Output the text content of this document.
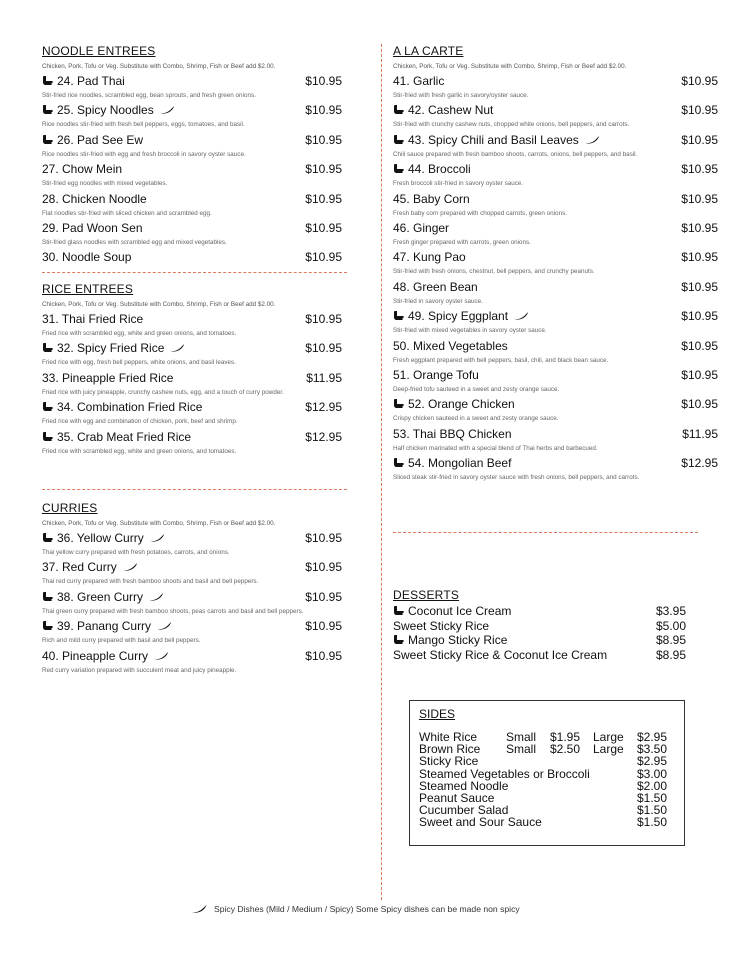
NOODLE ENTREES
Chicken, Pork, Tofu or Veg. Substitute with Combo, Shrimp, Fish or Beef add $2.00.
24. Pad Thai	$10.95
Stir-fried rice noodles, scrambled egg, bean sprouts, and fresh green onions.
25. Spicy Noodles	$10.95
Rice noodles stir-fried with fresh bell peppers, eggs, tomatoes, and basil.
26. Pad See Ew	$10.95
Rice noodles stir-fried with egg and fresh broccoli in savory oyster sauce.
27. Chow Mein	$10.95
Stir-fried egg noodles with mixed vegetables.
28. Chicken Noodle	$10.95
Flat noodles stir-fried with sliced chicken and scrambled egg.
29. Pad Woon Sen	$10.95
Stir-fried glass noodles with scrambled egg and mixed vegetables.
30. Noodle Soup	$10.95
RICE ENTREES
Chicken, Pork, Tofu or Veg. Substitute with Combo, Shrimp, Fish or Beef add $2.00.
31. Thai Fried Rice	$10.95
Fried rice with scrambled egg, white and green onions, and tomatoes.
32. Spicy Fried Rice	$10.95
Fried rice with egg, fresh bell peppers, white onions, and basil leaves.
33. Pineapple Fried Rice	$11.95
Fried rice with juicy pineapple, crunchy cashew nuts, egg, and a touch of curry powder.
34. Combination Fried Rice	$12.95
Fried rice with egg and combination of chicken, pork, beef and shrimp.
35. Crab Meat Fried Rice	$12.95
Fried rice with scrambled egg, white and green onions, and tomatoes.
CURRIES
Chicken, Pork, Tofu or Veg. Substitute with Combo, Shrimp, Fish or Beef add $2.00.
36. Yellow Curry	$10.95
Thai yellow curry prepared with fresh potatoes, carrots, and onions.
37. Red Curry	$10.95
Thai red curry prepared with fresh bamboo shoots and basil and bell peppers.
38. Green Curry	$10.95
Thai green curry prepared with fresh bamboo shoots, peas carrots and basil and bell peppers.
39. Panang Curry	$10.95
Rich and mild curry prepared with basil and bell peppers.
40. Pineapple Curry	$10.95
Red curry variation prepared with succulent meat and juicy pineapple.
A LA CARTE
Chicken, Pork, Tofu or Veg. Substitute with Combo, Shrimp, Fish or Beef add $2.00.
41. Garlic	$10.95
Stir-fried with fresh garlic in savory/oyster sauce.
42. Cashew Nut	$10.95
Stir-fried with crunchy cashew nuts, chopped white onions, bell peppers, and carrots.
43. Spicy Chili and Basil Leaves	$10.95
Chili sauce prepared with fresh bamboo shoots, carrots, onions, bell peppers, and basil.
44. Broccoli	$10.95
Fresh broccoli stir-fried in savory oyster sauce.
45. Baby Corn	$10.95
Fresh baby corn prepared with chopped carrots, green onions.
46. Ginger	$10.95
Fresh ginger prepared with carrots, green onions.
47. Kung Pao	$10.95
Stir-fried with fresh onions, chestnut, bell peppers, and crunchy peanuts.
48. Green Bean	$10.95
Stir-fried in savory oyster sauce.
49. Spicy Eggplant	$10.95
Stir-fried with mixed vegetables in savory oyster sauce.
50. Mixed Vegetables	$10.95
Fresh eggplant prepared with bell peppers, basil, chili, and black bean sauce.
51. Orange Tofu	$10.95
Deep-fried tofu sauteed in a sweet and zesty orange sauce.
52. Orange Chicken	$10.95
Crispy chicken sauteed in a sweet and zesty orange sauce.
53. Thai BBQ Chicken	$11.95
Half chicken marinated with a special blend of Thai herbs and barbecued.
54. Mongolian Beef	$12.95
Sliced steak stir-fried in savory oyster sauce with fresh onions, bell peppers, and carrots.
DESSERTS
Coconut Ice Cream	$3.95
Sweet Sticky Rice	$5.00
Mango Sticky Rice	$8.95
Sweet Sticky Rice & Coconut Ice Cream	$8.95
SIDES
White Rice Small $1.95 Large $2.95
Brown Rice Small $2.50 Large $3.50
Sticky Rice	$2.95
Steamed Vegetables or Broccoli	$3.00
Steamed Noodle	$2.00
Peanut Sauce	$1.50
Cucumber Salad	$1.50
Sweet and Sour Sauce	$1.50
Spicy Dishes (Mild / Medium / Spicy) Some Spicy dishes can be made non spicy
